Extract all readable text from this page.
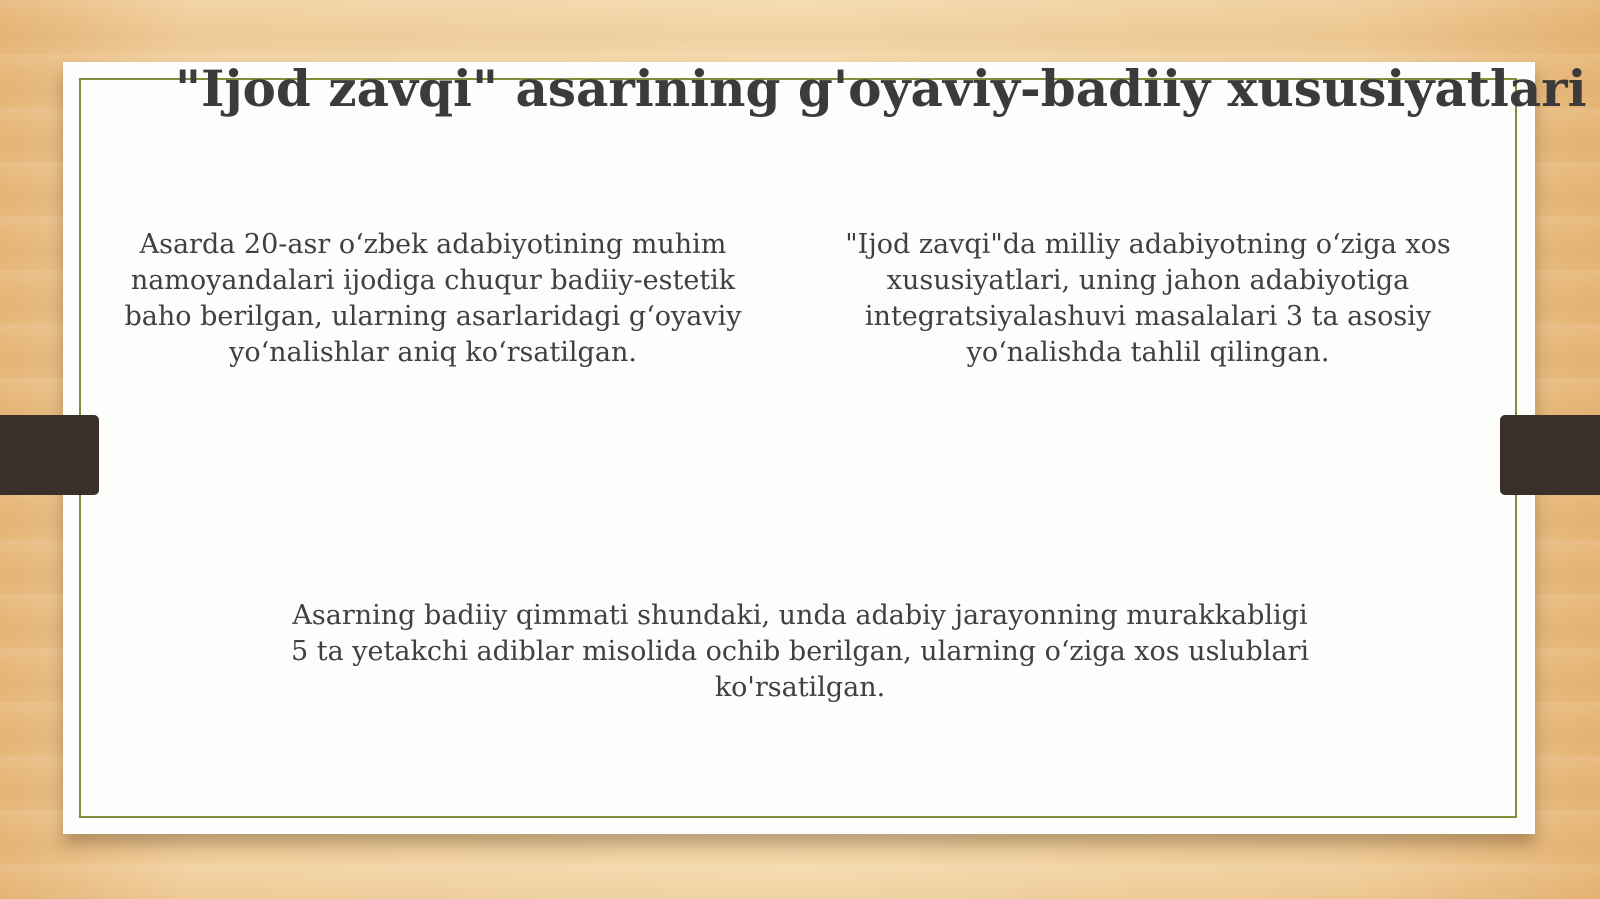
"Ijod zavqi" asarining g'oyaviy-badiiy xususiyatlari

Asarda 20-asr oʻzbek adabiyotining muhim namoyandalari ijodiga chuqur badiiy-estetik baho berilgan, ularning asarlaridagi gʻoyaviy yoʻnalishlar aniq koʻrsatilgan.

"Ijod zavqi"da milliy adabiyotning oʻziga xos xususiyatlari, uning jahon adabiyotiga integratsiyalashuvi masalalari 3 ta asosiy yoʻnalishda tahlil qilingan.

Asarning badiiy qimmati shundaki, unda adabiy jarayonning murakkabligi 5 ta yetakchi adiblar misolida ochib berilgan, ularning oʻziga xos uslublari ko'rsatilgan.
